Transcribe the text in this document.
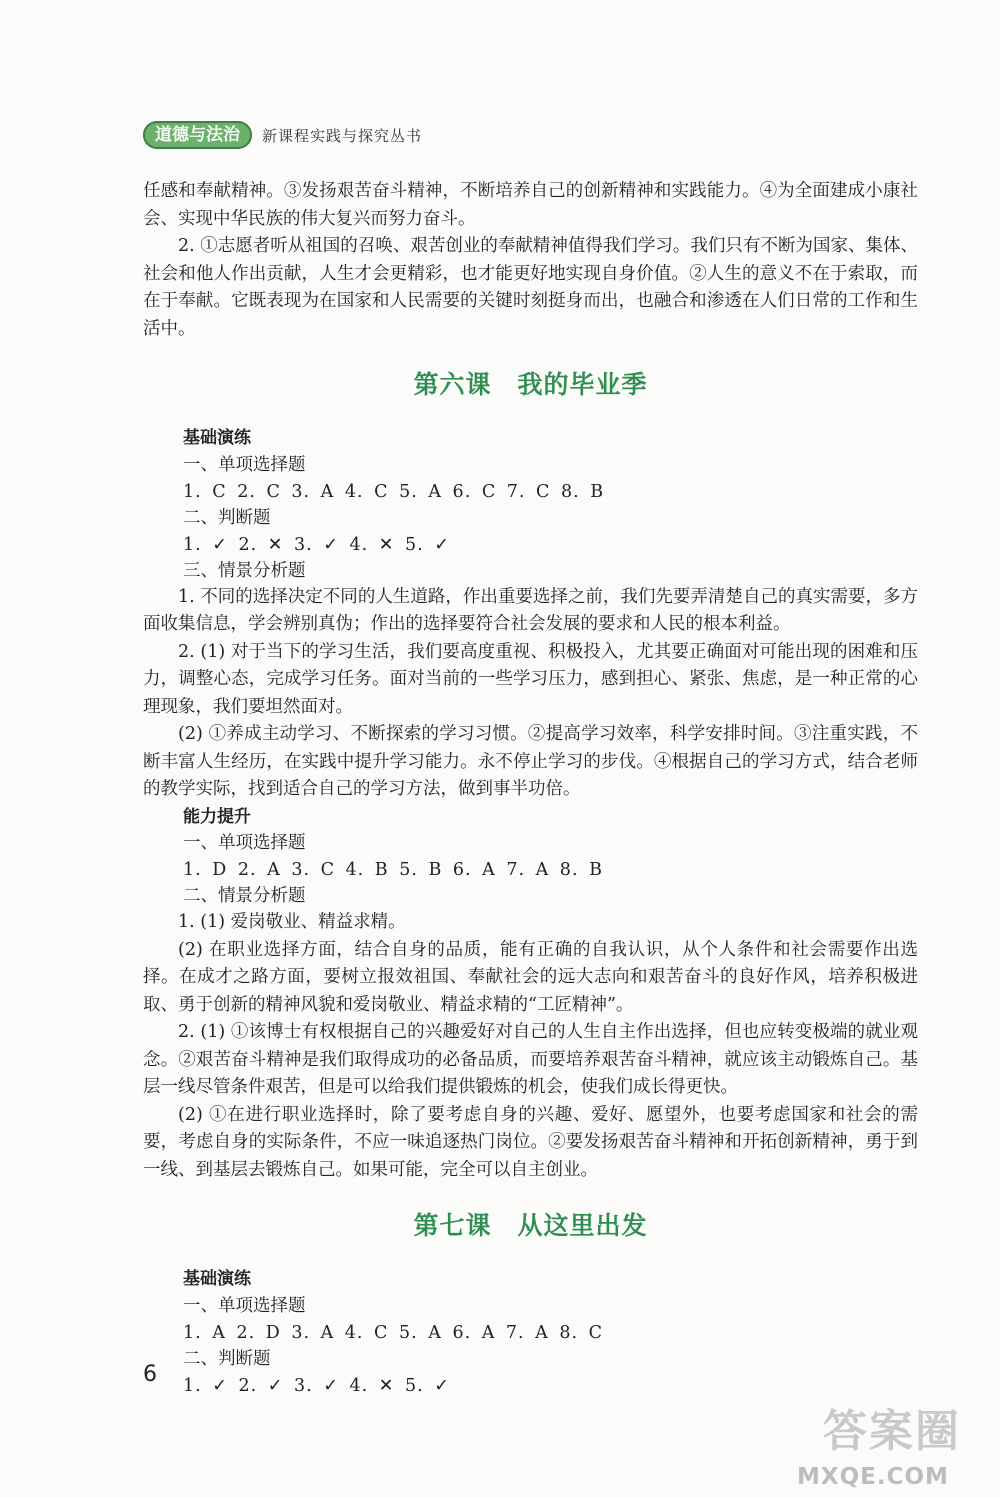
道德与法治	新课程实践与探究丛书

任感和奉献精神。③发扬艰苦奋斗精神，不断培养自己的创新精神和实践能力。④为全面建成小康社会、实现中华民族的伟大复兴而努力奋斗。

2. ①志愿者听从祖国的召唤、艰苦创业的奉献精神值得我们学习。我们只有不断为国家、集体、社会和他人作出贡献，人生才会更精彩，也才能更好地实现自身价值。②人生的意义不在于索取，而在于奉献。它既表现为在国家和人民需要的关键时刻挺身而出，也融合和渗透在人们日常的工作和生活中。

第六课 我的毕业季

基础演练

一、单项选择题

1. C 2. C 3. A 4. C 5. A 6. C 7. C 8. B

二、判断题

1. ✓ 2. ✕ 3. ✓ 4. ✕ 5. ✓

三、情景分析题

1. 不同的选择决定不同的人生道路，作出重要选择之前，我们先要弄清楚自己的真实需要，多方面收集信息，学会辨别真伪；作出的选择要符合社会发展的要求和人民的根本利益。

2. (1) 对于当下的学习生活，我们要高度重视、积极投入，尤其要正确面对可能出现的困难和压力，调整心态，完成学习任务。面对当前的一些学习压力，感到担心、紧张、焦虑，是一种正常的心理现象，我们要坦然面对。

(2) ①养成主动学习、不断探索的学习习惯。②提高学习效率，科学安排时间。③注重实践，不断丰富人生经历，在实践中提升学习能力。永不停止学习的步伐。④根据自己的学习方式，结合老师的教学实际，找到适合自己的学习方法，做到事半功倍。

能力提升

一、单项选择题

1. D 2. A 3. C 4. B 5. B 6. A 7. A 8. B

二、情景分析题

1. (1) 爱岗敬业、精益求精。

(2) 在职业选择方面，结合自身的品质，能有正确的自我认识，从个人条件和社会需要作出选择。在成才之路方面，要树立报效祖国、奉献社会的远大志向和艰苦奋斗的良好作风，培养积极进取、勇于创新的精神风貌和爱岗敬业、精益求精的“工匠精神”。

2. (1) ①该博士有权根据自己的兴趣爱好对自己的人生自主作出选择，但也应转变极端的就业观念。②艰苦奋斗精神是我们取得成功的必备品质，而要培养艰苦奋斗精神，就应该主动锻炼自己。基层一线尽管条件艰苦，但是可以给我们提供锻炼的机会，使我们成长得更快。

(2) ①在进行职业选择时，除了要考虑自身的兴趣、爱好、愿望外，也要考虑国家和社会的需要，考虑自身的实际条件，不应一味追逐热门岗位。②要发扬艰苦奋斗精神和开拓创新精神，勇于到一线、到基层去锻炼自己。如果可能，完全可以自主创业。

第七课 从这里出发

基础演练

一、单项选择题

1. A 2. D 3. A 4. C 5. A 6. A 7. A 8. C

二、判断题

1. ✓ 2. ✓ 3. ✓ 4. ✕ 5. ✓

6
答案圈
MXQE.COM
